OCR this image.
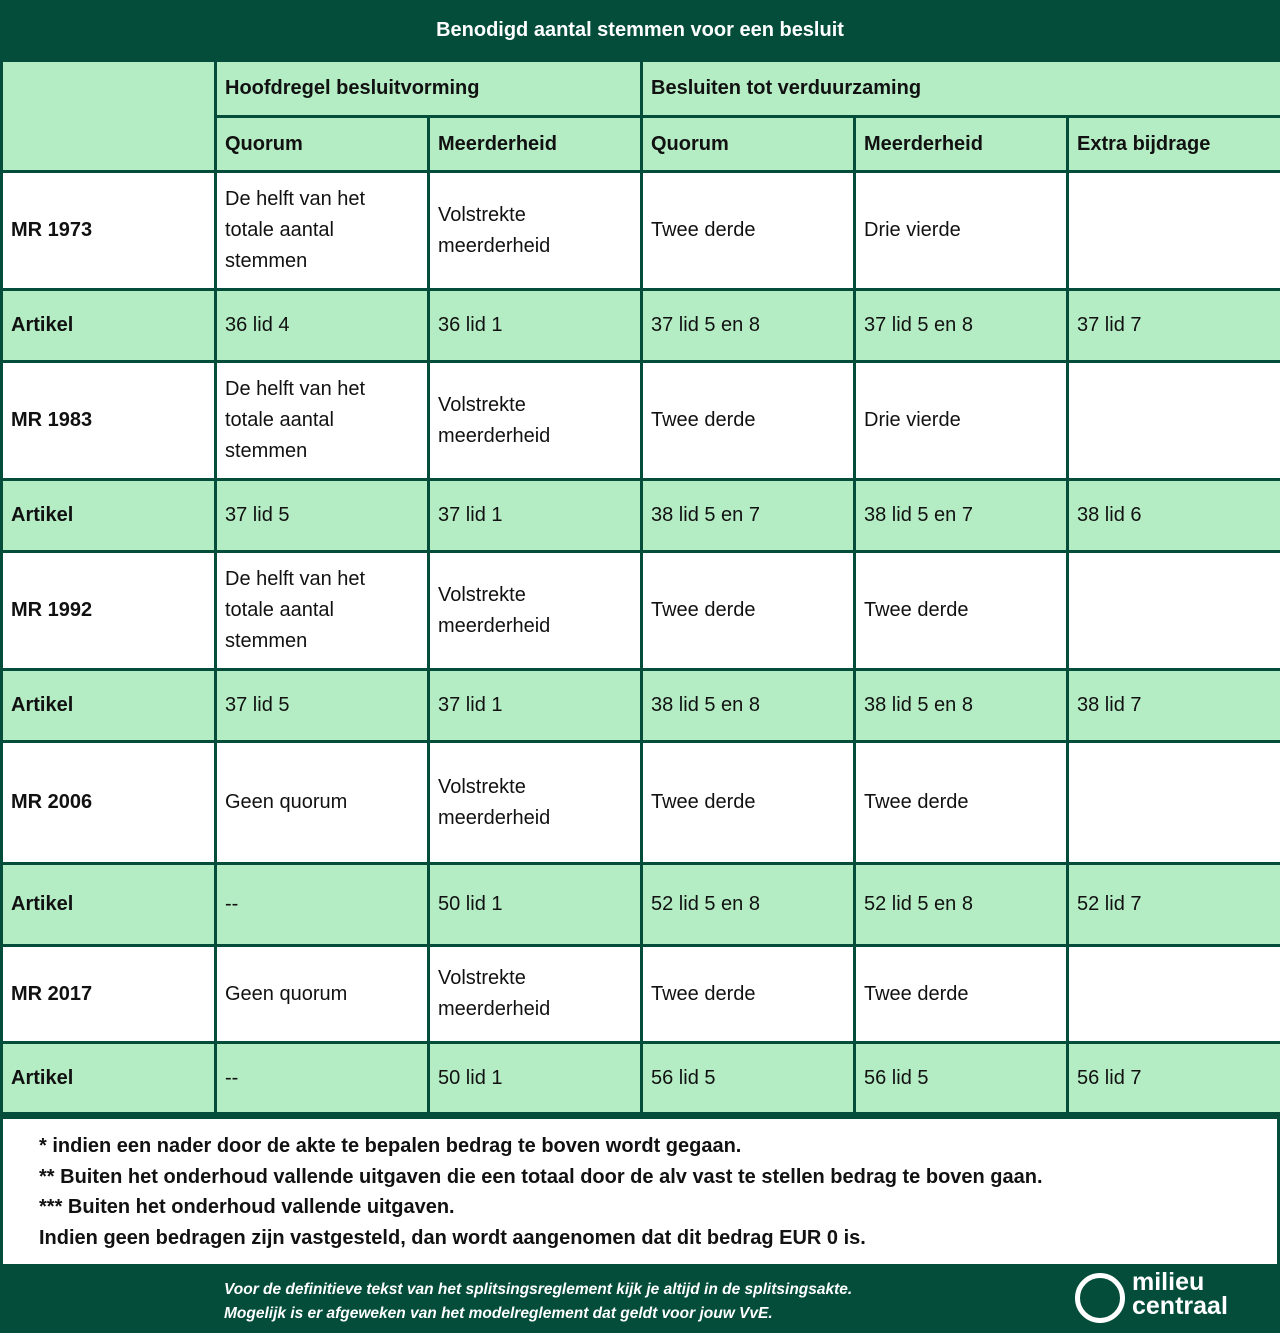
Benodigd aantal stemmen voor een besluit
	Hoofdregel besluitvorming		Besluiten tot verduurzaming		
	Quorum	Meerderheid	Quorum	Meerderheid	Extra bijdrage
MR 1973	De helft van het totale aantal stemmen	Volstrekte meerderheid	Twee derde	Drie vierde	
Artikel	36 lid 4	36 lid 1	37 lid 5 en 8	37 lid 5 en 8	37 lid 7
MR 1983	De helft van het totale aantal stemmen	Volstrekte meerderheid	Twee derde	Drie vierde	
Artikel	37 lid 5	37 lid 1	38 lid 5 en 7	38 lid 5 en 7	38 lid 6
MR 1992	De helft van het totale aantal stemmen	Volstrekte meerderheid	Twee derde	Twee derde	
Artikel	37 lid 5	37 lid 1	38 lid 5 en 8	38 lid 5 en 8	38 lid 7
MR 2006	Geen quorum	Volstrekte meerderheid	Twee derde	Twee derde	
Artikel	--	50 lid 1	52 lid 5 en 8	52 lid 5 en 8	52 lid 7
MR 2017	Geen quorum	Volstrekte meerderheid	Twee derde	Twee derde	
Artikel	--	50 lid 1	56 lid 5	56 lid 5	56 lid 7
* indien een nader door de akte te bepalen bedrag te boven wordt gegaan.
** Buiten het onderhoud vallende uitgaven die een totaal door de alv vast te stellen bedrag te boven gaan.
*** Buiten het onderhoud vallende uitgaven.
Indien geen bedragen zijn vastgesteld, dan wordt aangenomen dat dit bedrag EUR 0 is.
Voor de definitieve tekst van het splitsingsreglement kijk je altijd in de splitsingsakte.
Mogelijk is er afgeweken van het modelreglement dat geldt voor jouw VvE.
milieu
centraal
